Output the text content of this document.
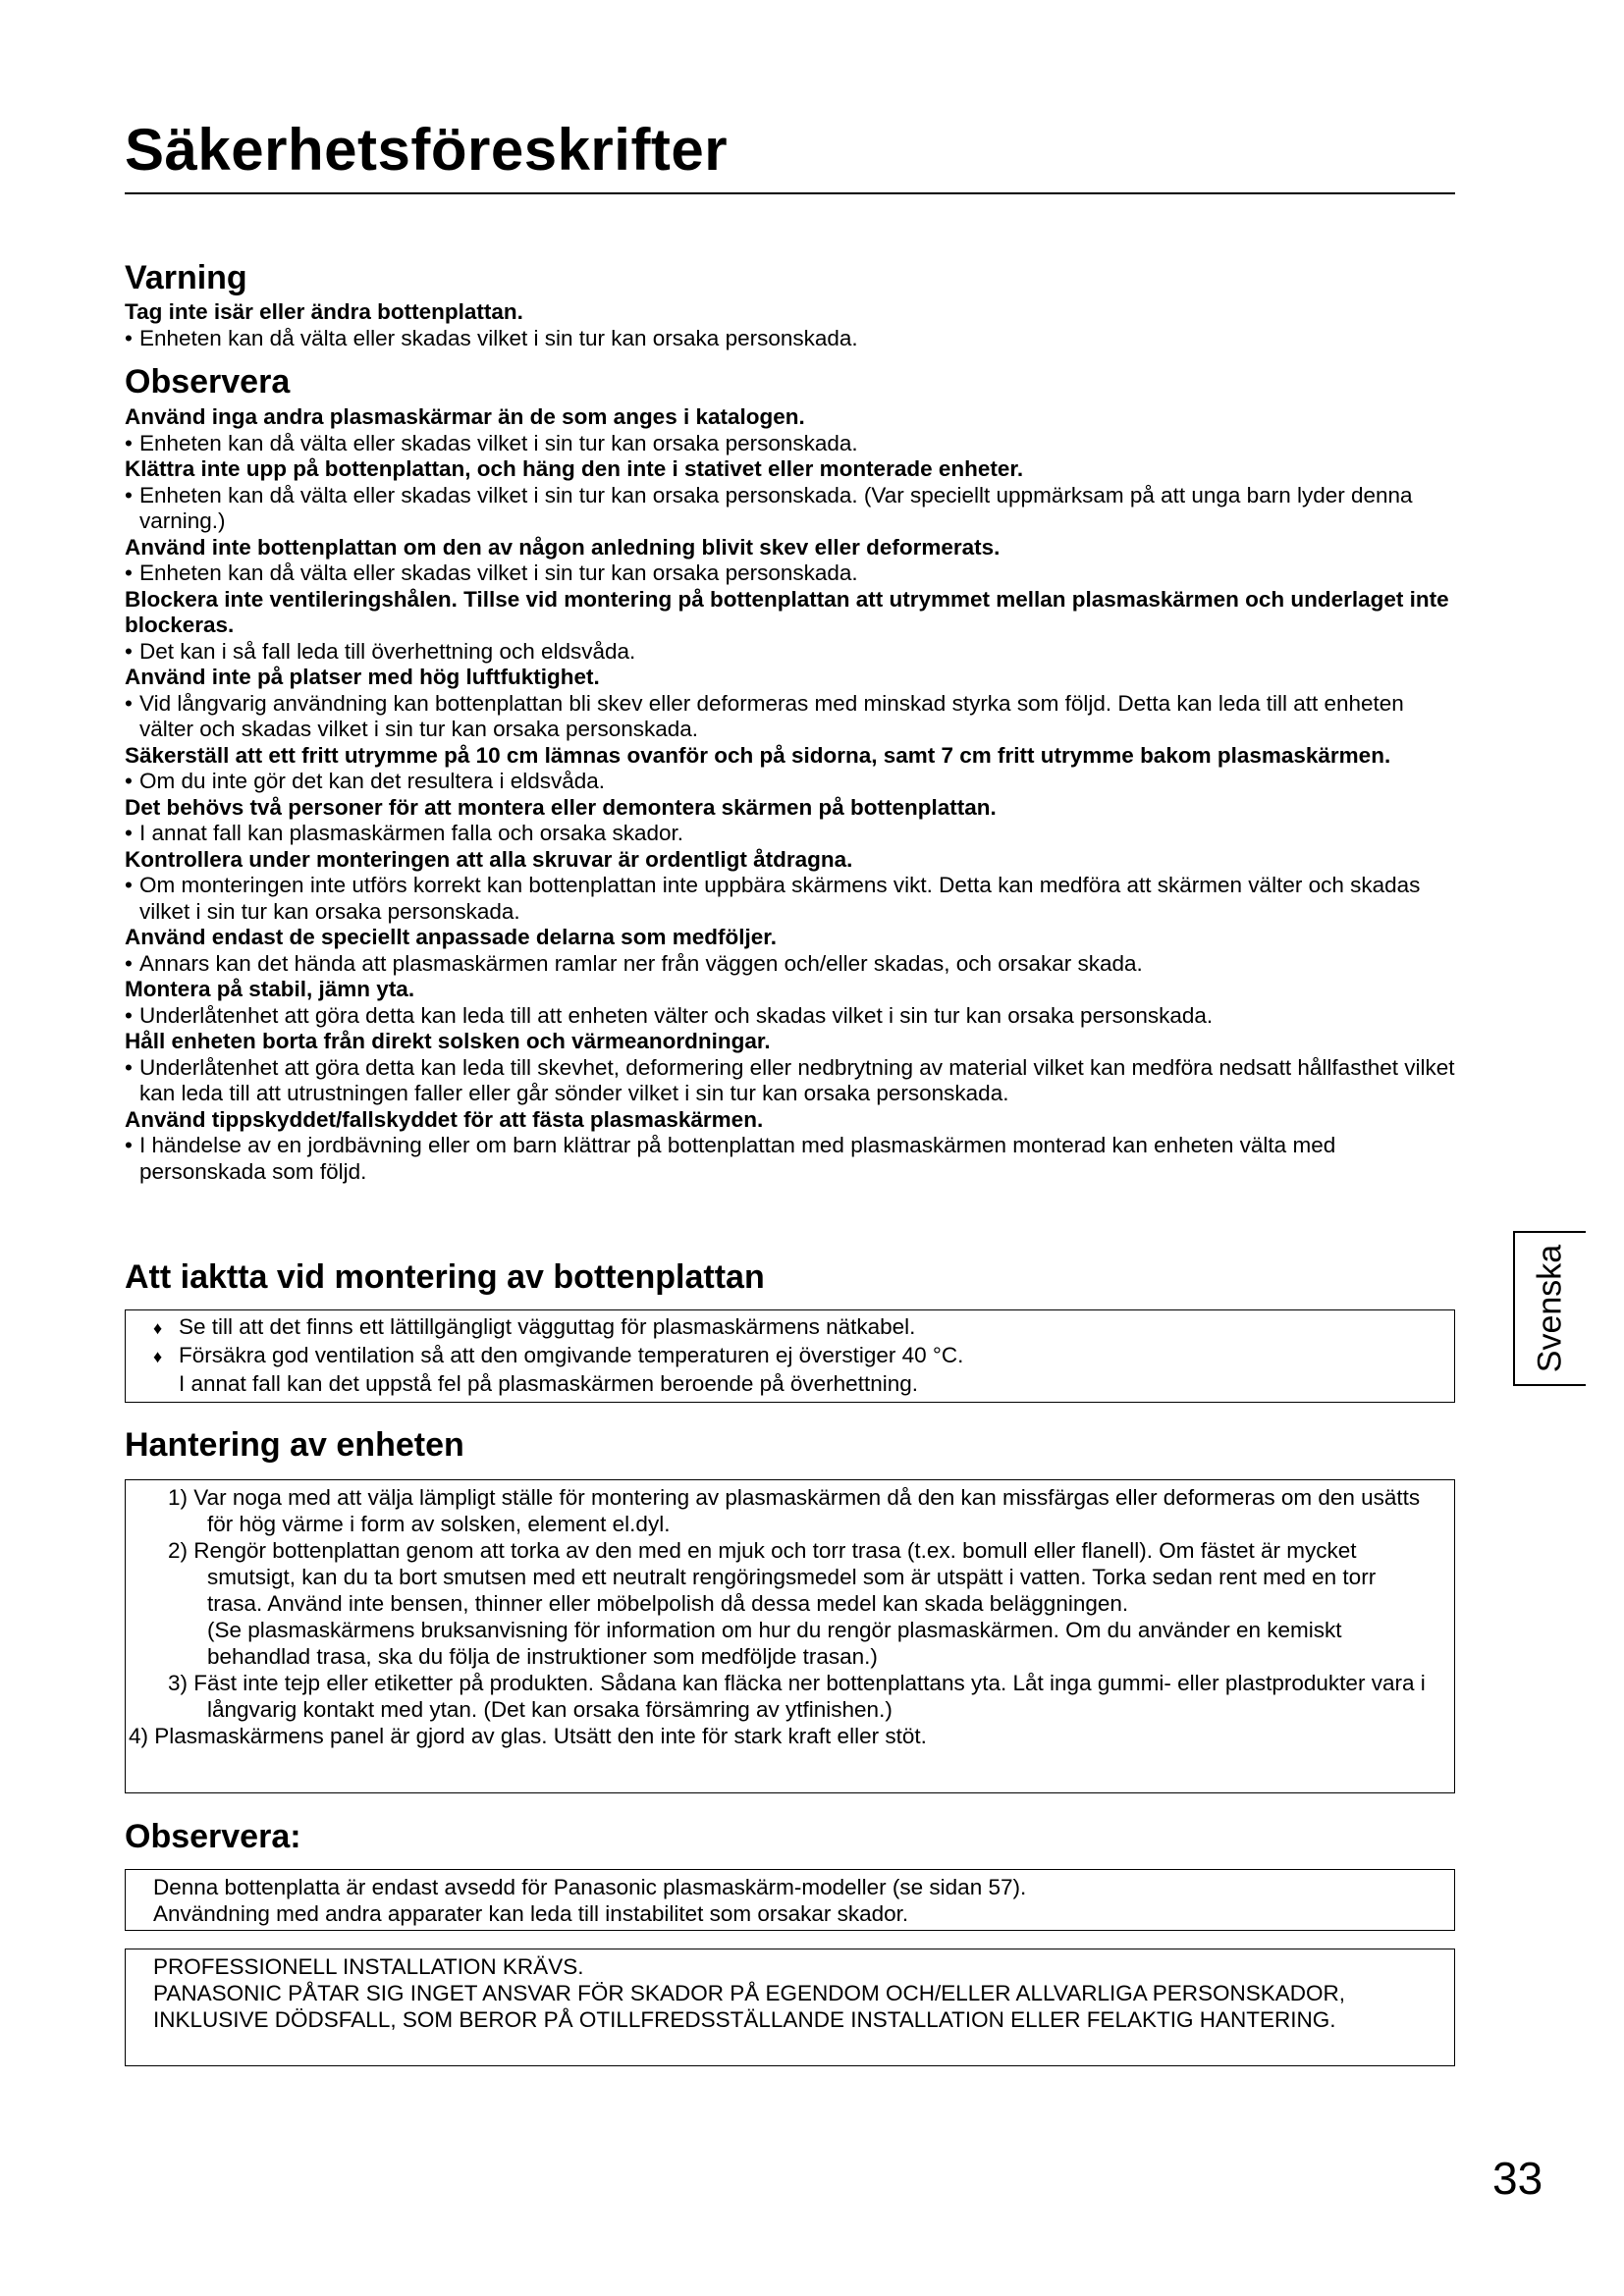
Säkerhetsföreskrifter
Varning
Tag inte isär eller ändra bottenplattan.
• Enheten kan då välta eller skadas vilket i sin tur kan orsaka personskada.
Observera
Använd inga andra plasmaskärmar än de som anges i katalogen.
• Enheten kan då välta eller skadas vilket i sin tur kan orsaka personskada.
Klättra inte upp på bottenplattan, och häng den inte i stativet eller monterade enheter.
• Enheten kan då välta eller skadas vilket i sin tur kan orsaka personskada. (Var speciellt uppmärksam på att unga barn lyder denna varning.)
Använd inte bottenplattan om den av någon anledning blivit skev eller deformerats.
• Enheten kan då välta eller skadas vilket i sin tur kan orsaka personskada.
Blockera inte ventileringshålen. Tillse vid montering på bottenplattan att utrymmet mellan plasmaskärmen och underlaget inte blockeras.
• Det kan i så fall leda till överhettning och eldsvåda.
Använd inte på platser med hög luftfuktighet.
• Vid långvarig användning kan bottenplattan bli skev eller deformeras med minskad styrka som följd. Detta kan leda till att enheten välter och skadas vilket i sin tur kan orsaka personskada.
Säkerställ att ett fritt utrymme på 10 cm lämnas ovanför och på sidorna, samt 7 cm fritt utrymme bakom plasmaskärmen.
• Om du inte gör det kan det resultera i eldsvåda.
Det behövs två personer för att montera eller demontera skärmen på bottenplattan.
• I annat fall kan plasmaskärmen falla och orsaka skador.
Kontrollera under monteringen att alla skruvar är ordentligt åtdragna.
• Om monteringen inte utförs korrekt kan bottenplattan inte uppbära skärmens vikt. Detta kan medföra att skärmen välter och skadas vilket i sin tur kan orsaka personskada.
Använd endast de speciellt anpassade delarna som medföljer.
• Annars kan det hända att plasmaskärmen ramlar ner från väggen och/eller skadas, och orsakar skada.
Montera på stabil, jämn yta.
• Underlåtenhet att göra detta kan leda till att enheten välter och skadas vilket i sin tur kan orsaka personskada.
Håll enheten borta från direkt solsken och värmeanordningar.
• Underlåtenhet att göra detta kan leda till skevhet, deformering eller nedbrytning av material vilket kan medföra nedsatt hållfasthet vilket kan leda till att utrustningen faller eller går sönder vilket i sin tur kan orsaka personskada.
Använd tippskyddet/fallskyddet för att fästa plasmaskärmen.
• I händelse av en jordbävning eller om barn klättrar på bottenplattan med plasmaskärmen monterad kan enheten välta med personskada som följd.
Att iaktta vid montering av bottenplattan
♦ Se till att det finns ett lättillgängligt vägguttag för plasmaskärmens nätkabel.
♦ Försäkra god ventilation så att den omgivande temperaturen ej överstiger 40 °C.
I annat fall kan det uppstå fel på plasmaskärmen beroende på överhettning.
Hantering av enheten
1) Var noga med att välja lämpligt ställe för montering av plasmaskärmen då den kan missfärgas eller deformeras om den usätts för hög värme i form av solsken, element el.dyl.
2) Rengör bottenplattan genom att torka av den med en mjuk och torr trasa (t.ex. bomull eller flanell). Om fästet är mycket smutsigt, kan du ta bort smutsen med ett neutralt rengöringsmedel som är utspätt i vatten. Torka sedan rent med en torr trasa. Använd inte bensen, thinner eller möbelpolish då dessa medel kan skada beläggningen.
(Se plasmaskärmens bruksanvisning för information om hur du rengör plasmaskärmen. Om du använder en kemiskt behandlad trasa, ska du följa de instruktioner som medföljde trasan.)
3) Fäst inte tejp eller etiketter på produkten. Sådana kan fläcka ner bottenplattans yta. Låt inga gummi- eller plastprodukter vara i långvarig kontakt med ytan. (Det kan orsaka försämring av ytfinishen.)
4) Plasmaskärmens panel är gjord av glas. Utsätt den inte för stark kraft eller stöt.
Observera:
Denna bottenplatta är endast avsedd för Panasonic plasmaskärm-modeller (se sidan 57).
Användning med andra apparater kan leda till instabilitet som orsakar skador.
PROFESSIONELL INSTALLATION KRÄVS.
PANASONIC PÅTAR SIG INGET ANSVAR FÖR SKADOR PÅ EGENDOM OCH/ELLER ALLVARLIGA PERSONSKADOR, INKLUSIVE DÖDSFALL, SOM BEROR PÅ OTILLFREDSSTÄLLANDE INSTALLATION ELLER FELAKTIG HANTERING.
Svenska
33
